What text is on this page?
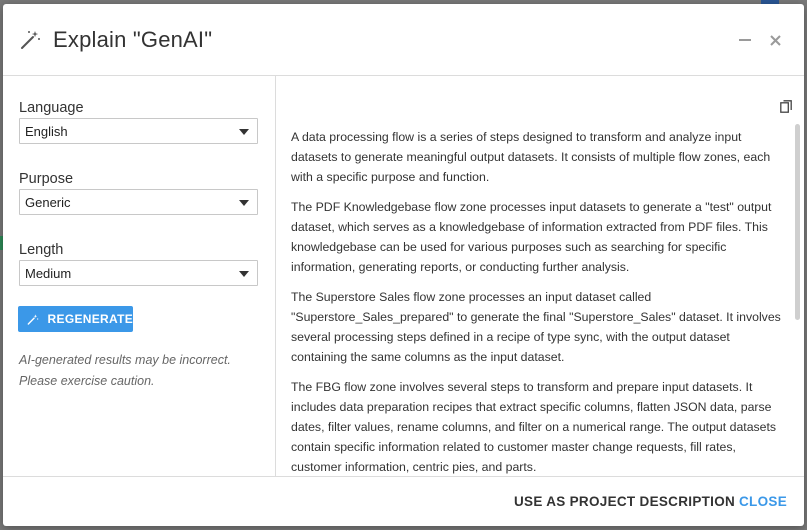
Explain "GenAI"
Language
English
Purpose
Generic
Length
Medium
REGENERATE
AI-generated results may be incorrect.
Please exercise caution.

A data processing flow is a series of steps designed to transform and analyze input datasets to generate meaningful output datasets. It consists of multiple flow zones, each with a specific purpose and function.

The PDF Knowledgebase flow zone processes input datasets to generate a "test" output dataset, which serves as a knowledgebase of information extracted from PDF files. This knowledgebase can be used for various purposes such as searching for specific information, generating reports, or conducting further analysis.

The Superstore Sales flow zone processes an input dataset called "Superstore_Sales_prepared" to generate the final "Superstore_Sales" dataset. It involves several processing steps defined in a recipe of type sync, with the output dataset containing the same columns as the input dataset.

The FBG flow zone involves several steps to transform and prepare input datasets. It includes data preparation recipes that extract specific columns, flatten JSON data, parse dates, filter values, rename columns, and filter on a numerical range. The output datasets contain specific information related to customer master change requests, fill rates, customer information, centric pies, and parts.

USE AS PROJECT DESCRIPTION CLOSE
